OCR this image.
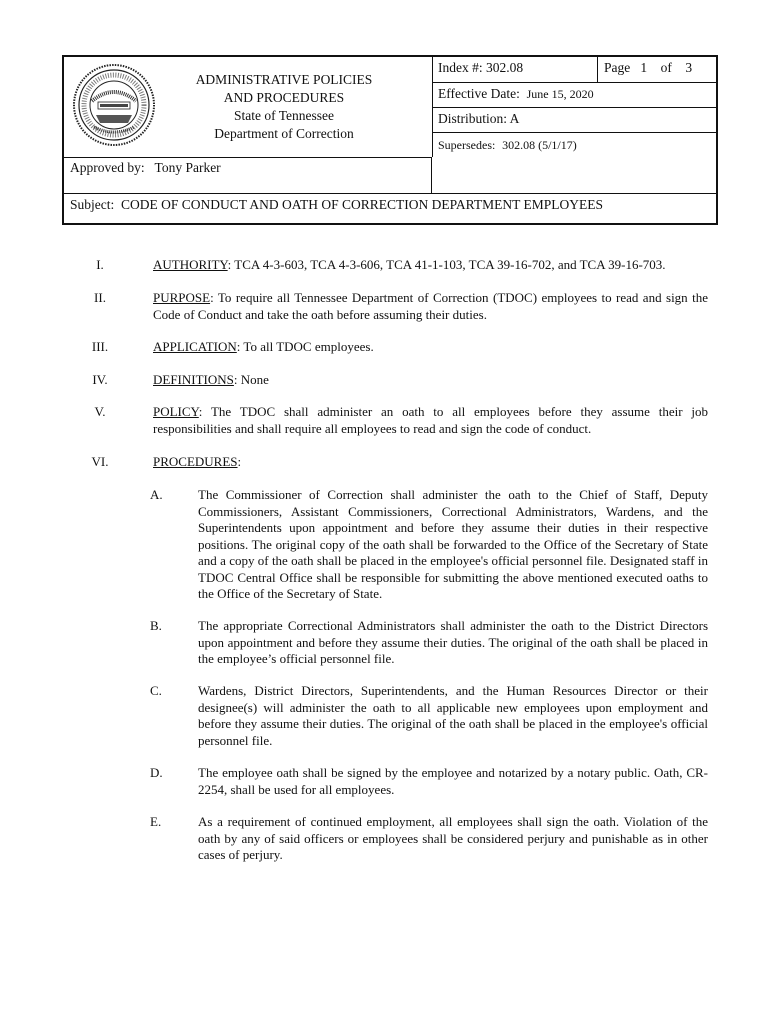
ADMINISTRATIVE POLICIES
AND PROCEDURES
State of Tennessee
Department of Correction
Approved by: Tony Parker
Index #: 302.08	Page 1 of 3
Effective Date: June 15, 2020
Distribution: A
Supersedes: 302.08 (5/1/17)
Subject: CODE OF CONDUCT AND OATH OF CORRECTION DEPARTMENT EMPLOYEES
I.	AUTHORITY: TCA 4-3-603, TCA 4-3-606, TCA 41-1-103, TCA 39-16-702, and TCA 39-16-703.
II.	PURPOSE: To require all Tennessee Department of Correction (TDOC) employees to read and sign the Code of Conduct and take the oath before assuming their duties.
III.	APPLICATION: To all TDOC employees.
IV.	DEFINITIONS: None
V.	POLICY: The TDOC shall administer an oath to all employees before they assume their job responsibilities and shall require all employees to read and sign the code of conduct.
VI.	PROCEDURES:
A.	The Commissioner of Correction shall administer the oath to the Chief of Staff, Deputy Commissioners, Assistant Commissioners, Correctional Administrators, Wardens, and the Superintendents upon appointment and before they assume their duties in their respective positions. The original copy of the oath shall be forwarded to the Office of the Secretary of State and a copy of the oath shall be placed in the employee's official personnel file. Designated staff in TDOC Central Office shall be responsible for submitting the above mentioned executed oaths to the Office of the Secretary of State.
B.	The appropriate Correctional Administrators shall administer the oath to the District Directors upon appointment and before they assume their duties. The original of the oath shall be placed in the employee’s official personnel file.
C.	Wardens, District Directors, Superintendents, and the Human Resources Director or their designee(s) will administer the oath to all applicable new employees upon employment and before they assume their duties. The original of the oath shall be placed in the employee's official personnel file.
D.	The employee oath shall be signed by the employee and notarized by a notary public. Oath, CR-2254, shall be used for all employees.
E.	As a requirement of continued employment, all employees shall sign the oath. Violation of the oath by any of said officers or employees shall be considered perjury and punishable as in other cases of perjury.
